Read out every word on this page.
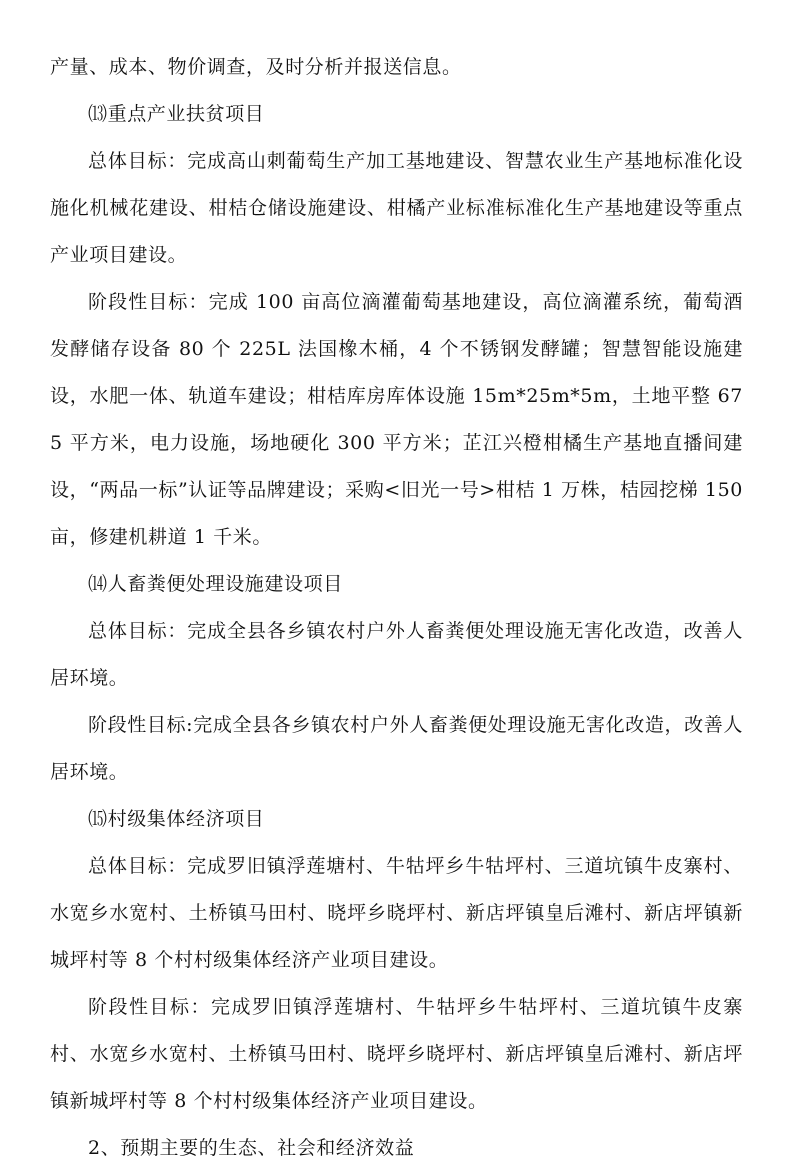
产量、成本、物价调查，及时分析并报送信息。

⒀重点产业扶贫项目

总体目标：完成高山刺葡萄生产加工基地建设、智慧农业生产基地标准化设施化机械花建设、柑桔仓储设施建设、柑橘产业标准标准化生产基地建设等重点产业项目建设。

阶段性目标：完成 100 亩高位滴灌葡萄基地建设，高位滴灌系统，葡萄酒发酵储存设备 80 个 225L 法国橡木桶，4 个不锈钢发酵罐；智慧智能设施建设，水肥一体、轨道车建设；柑桔库房库体设施 15m*25m*5m，土地平整 675 平方米，电力设施，场地硬化 300 平方米；芷江兴橙柑橘生产基地直播间建设，“两品一标”认证等品牌建设；采购<旧光一号>柑桔 1 万株，桔园挖梯 150 亩，修建机耕道 1 千米。

⒁人畜粪便处理设施建设项目

总体目标：完成全县各乡镇农村户外人畜粪便处理设施无害化改造，改善人居环境。

阶段性目标:完成全县各乡镇农村户外人畜粪便处理设施无害化改造，改善人居环境。

⒂村级集体经济项目

总体目标：完成罗旧镇浮莲塘村、牛牯坪乡牛牯坪村、三道坑镇牛皮寨村、水宽乡水宽村、土桥镇马田村、晓坪乡晓坪村、新店坪镇皇后滩村、新店坪镇新城坪村等 8 个村村级集体经济产业项目建设。

阶段性目标：完成罗旧镇浮莲塘村、牛牯坪乡牛牯坪村、三道坑镇牛皮寨村、水宽乡水宽村、土桥镇马田村、晓坪乡晓坪村、新店坪镇皇后滩村、新店坪镇新城坪村等 8 个村村级集体经济产业项目建设。

2、预期主要的生态、社会和经济效益
